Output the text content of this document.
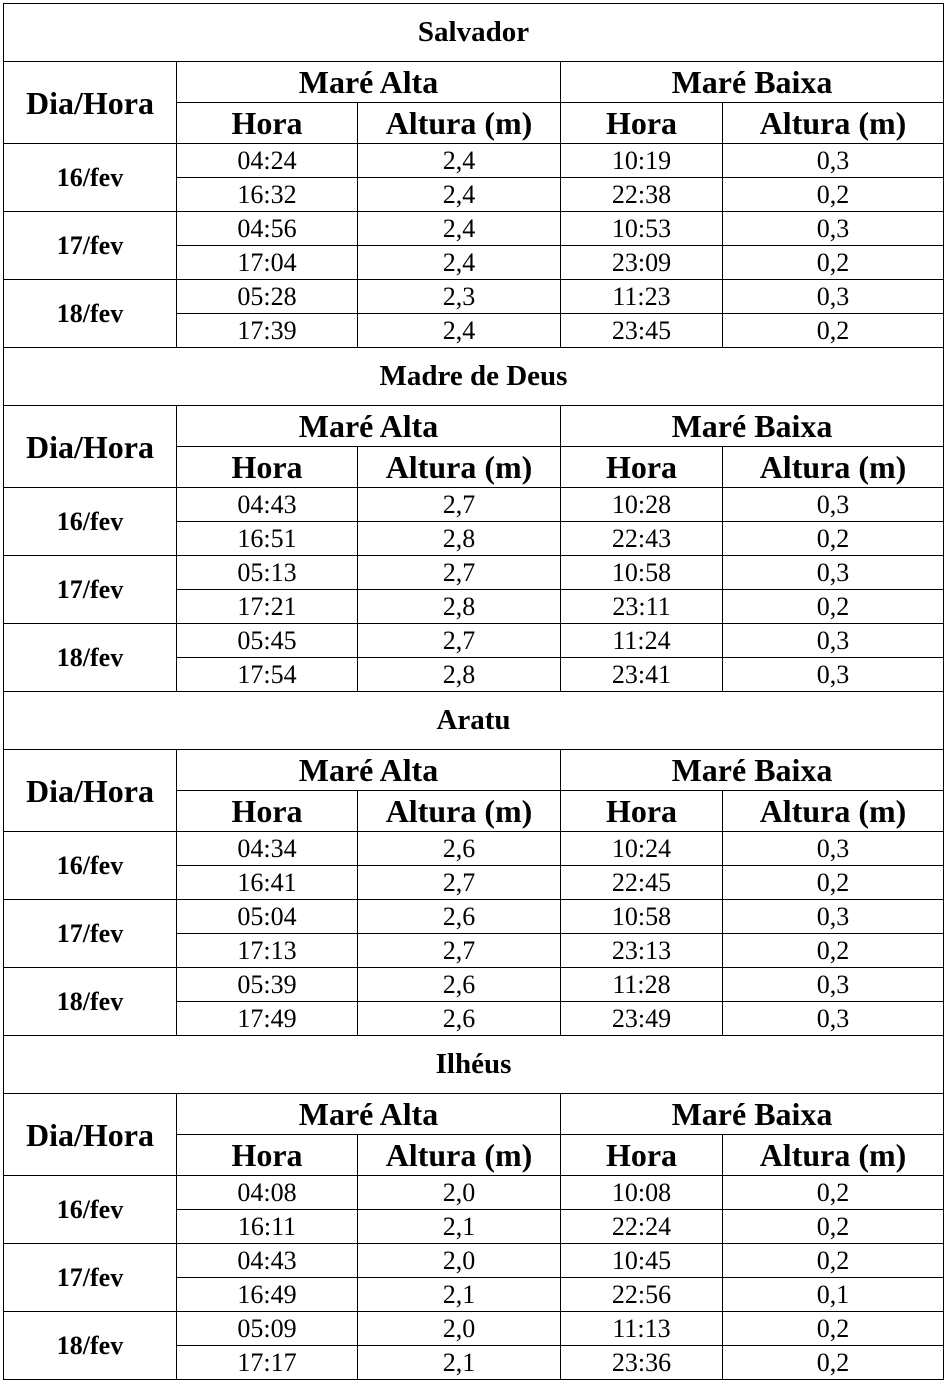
Salvador				
Dia/Hora	Maré Alta		Maré Baixa	
	Hora	Altura (m)	Hora	Altura (m)
16/fev	04:24	2,4	10:19	0,3
	16:32	2,4	22:38	0,2
17/fev	04:56	2,4	10:53	0,3
	17:04	2,4	23:09	0,2
18/fev	05:28	2,3	11:23	0,3
	17:39	2,4	23:45	0,2
Madre de Deus				
Dia/Hora	Maré Alta		Maré Baixa	
	Hora	Altura (m)	Hora	Altura (m)
16/fev	04:43	2,7	10:28	0,3
	16:51	2,8	22:43	0,2
17/fev	05:13	2,7	10:58	0,3
	17:21	2,8	23:11	0,2
18/fev	05:45	2,7	11:24	0,3
	17:54	2,8	23:41	0,3
Aratu				
Dia/Hora	Maré Alta		Maré Baixa	
	Hora	Altura (m)	Hora	Altura (m)
16/fev	04:34	2,6	10:24	0,3
	16:41	2,7	22:45	0,2
17/fev	05:04	2,6	10:58	0,3
	17:13	2,7	23:13	0,2
18/fev	05:39	2,6	11:28	0,3
	17:49	2,6	23:49	0,3
Ilhéus				
Dia/Hora	Maré Alta		Maré Baixa	
	Hora	Altura (m)	Hora	Altura (m)
16/fev	04:08	2,0	10:08	0,2
	16:11	2,1	22:24	0,2
17/fev	04:43	2,0	10:45	0,2
	16:49	2,1	22:56	0,1
18/fev	05:09	2,0	11:13	0,2
	17:17	2,1	23:36	0,2
